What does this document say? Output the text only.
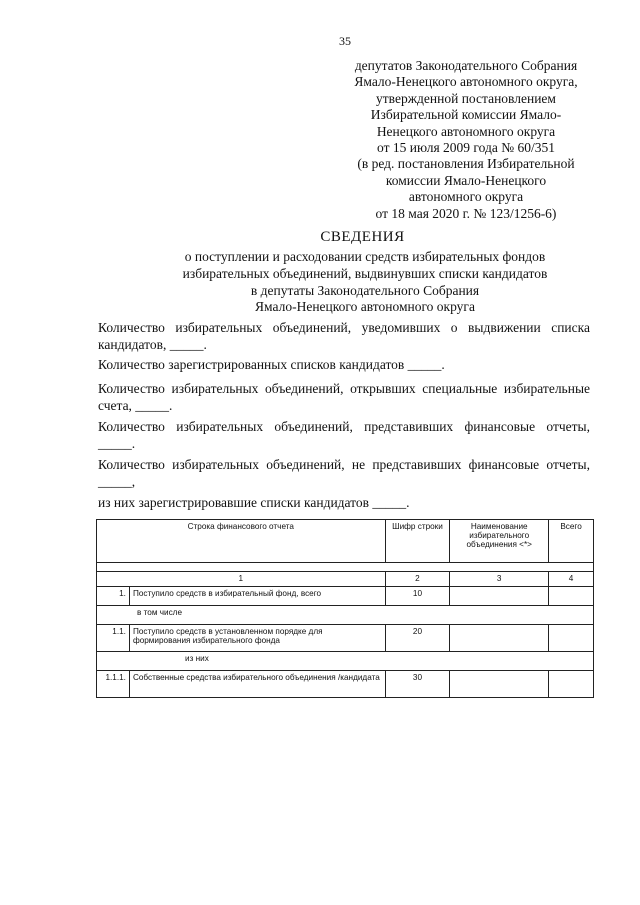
35
депутатов Законодательного Собрания
Ямало-Ненецкого автономного округа,
утвержденной постановлением
Избирательной комиссии Ямало-
Ненецкого автономного округа
от 15 июля 2009 года № 60/351
(в ред. постановления Избирательной
комиссии Ямало-Ненецкого
автономного округа
от 18 мая 2020 г. № 123/1256-6)
СВЕДЕНИЯ
о поступлении и расходовании средств избирательных фондов
избирательных объединений, выдвинувших списки кандидатов
в депутаты Законодательного Собрания
Ямало-Ненецкого автономного округа
Количество избирательных объединений, уведомивших о выдвижении списка кандидатов, _____.
Количество зарегистрированных списков кандидатов _____.
Количество избирательных объединений, открывших специальные избирательные счета, _____.
Количество избирательных объединений, представивших финансовые отчеты, _____.
Количество избирательных объединений, не представивших финансовые отчеты, _____,
из них зарегистрировавшие списки кандидатов _____.
Строка финансового отчета		Шифр строки	Наименование избирательного объединения <*>	Всего

1		2	3	4
1.	Поступило средств в избирательный фонд, всего	10		
в том числе				
1.1.	Поступило средств в установленном порядке для формирования избирательного фонда	20		
из них				
1.1.1.	Собственные средства избирательного объединения /кандидата	30		
